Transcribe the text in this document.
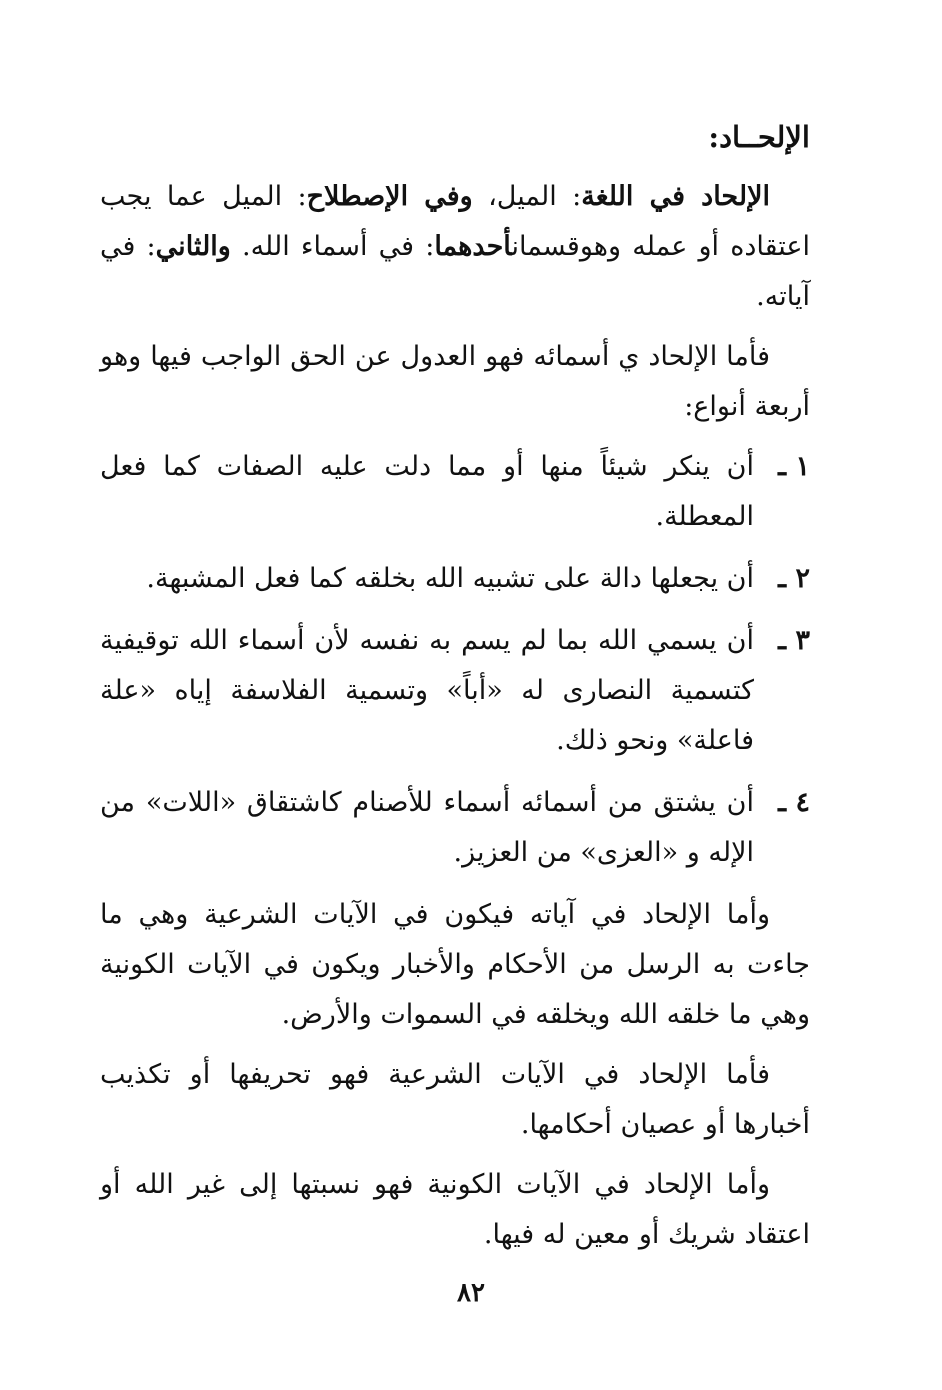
الإلحــاد:

الإلحاد في اللغة: الميل، وفي الإصطلاح: الميل عما يجب اعتقاده أو عمله وهوقسمانأحدهما: في أسماء الله. والثاني: في آياته.

فأما الإلحاد ي أسمائه فهو العدول عن الحق الواجب فيها وهو أربعة أنواع:

١ ـ
أن ينكر شيئاً منها أو مما دلت عليه الصفات كما فعل المعطلة.
٢ ـ
أن يجعلها دالة على تشبيه الله بخلقه كما فعل المشبهة.
٣ ـ
أن يسمي الله بما لم يسم به نفسه لأن أسماء الله توقيفية كتسمية النصارى له «أباً» وتسمية الفلاسفة إياه «علة فاعلة» ونحو ذلك.
٤ ـ
أن يشتق من أسمائه أسماء للأصنام كاشتقاق «اللات» من الإله و «العزى» من العزيز.

وأما الإلحاد في آياته فيكون في الآيات الشرعية وهي ما جاءت به الرسل من الأحكام والأخبار ويكون في الآيات الكونية وهي ما خلقه الله ويخلقه في السموات والأرض.

فأما الإلحاد في الآيات الشرعية فهو تحريفها أو تكذيب أخبارها أو عصيان أحكامها.

وأما الإلحاد في الآيات الكونية فهو نسبتها إلى غير الله أو اعتقاد شريك أو معين له فيها.

٨٢
